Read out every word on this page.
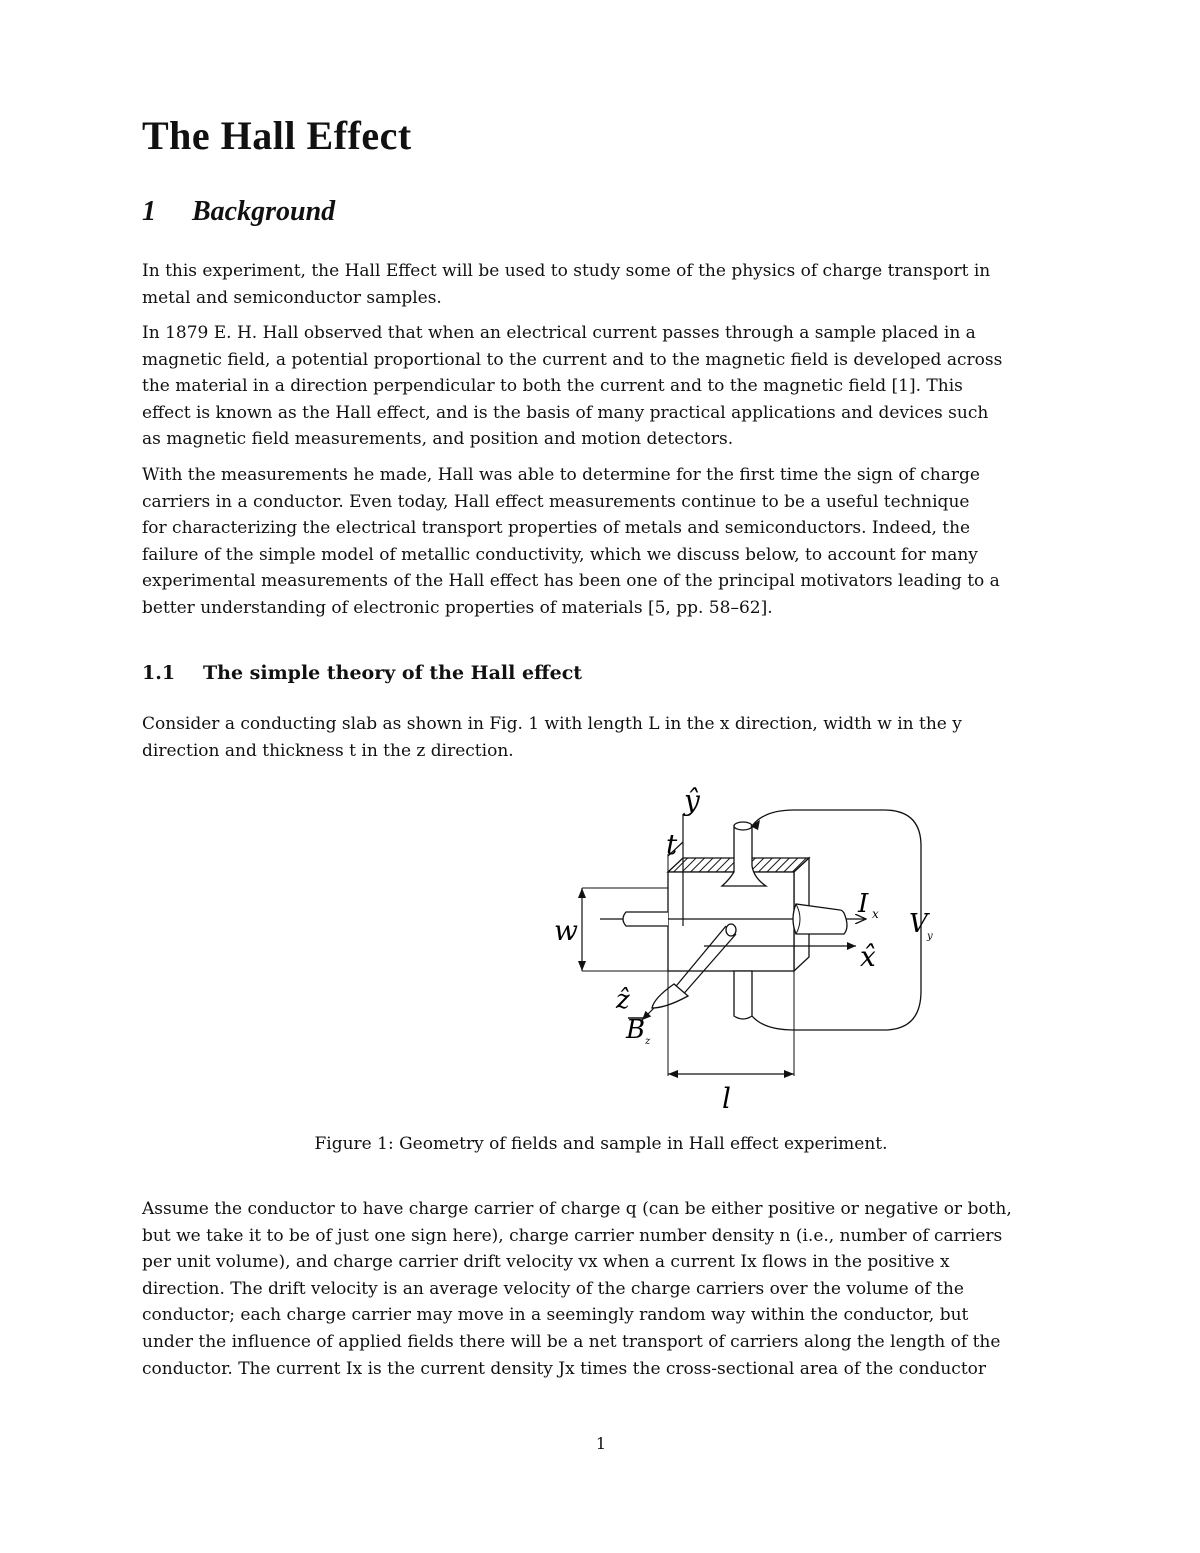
The Hall Effect
1 Background

In this experiment, the Hall Effect will be used to study some of the physics of charge transport in
metal and semiconductor samples.

In 1879 E. H. Hall observed that when an electrical current passes through a sample placed in a
magnetic field, a potential proportional to the current and to the magnetic field is developed across
the material in a direction perpendicular to both the current and to the magnetic field [1]. This
effect is known as the Hall effect, and is the basis of many practical applications and devices such
as magnetic field measurements, and position and motion detectors.

With the measurements he made, Hall was able to determine for the first time the sign of charge
carriers in a conductor. Even today, Hall effect measurements continue to be a useful technique
for characterizing the electrical transport properties of metals and semiconductors. Indeed, the
failure of the simple model of metallic conductivity, which we discuss below, to account for many
experimental measurements of the Hall effect has been one of the principal motivators leading to a
better understanding of electronic properties of materials [5, pp. 58–62].

1.1 The simple theory of the Hall effect

Consider a conducting slab as shown in Fig. 1 with length L in the x direction, width w in the y
direction and thickness t in the z direction.

ŷ
t
w
I x V y
x̂
ẑ
B z
l

Figure 1: Geometry of fields and sample in Hall effect experiment.

Assume the conductor to have charge carrier of charge q (can be either positive or negative or both,
but we take it to be of just one sign here), charge carrier number density n (i.e., number of carriers
per unit volume), and charge carrier drift velocity vx when a current Ix flows in the positive x
direction. The drift velocity is an average velocity of the charge carriers over the volume of the
conductor; each charge carrier may move in a seemingly random way within the conductor, but
under the influence of applied fields there will be a net transport of carriers along the length of the
conductor. The current Ix is the current density Jx times the cross-sectional area of the conductor

1
